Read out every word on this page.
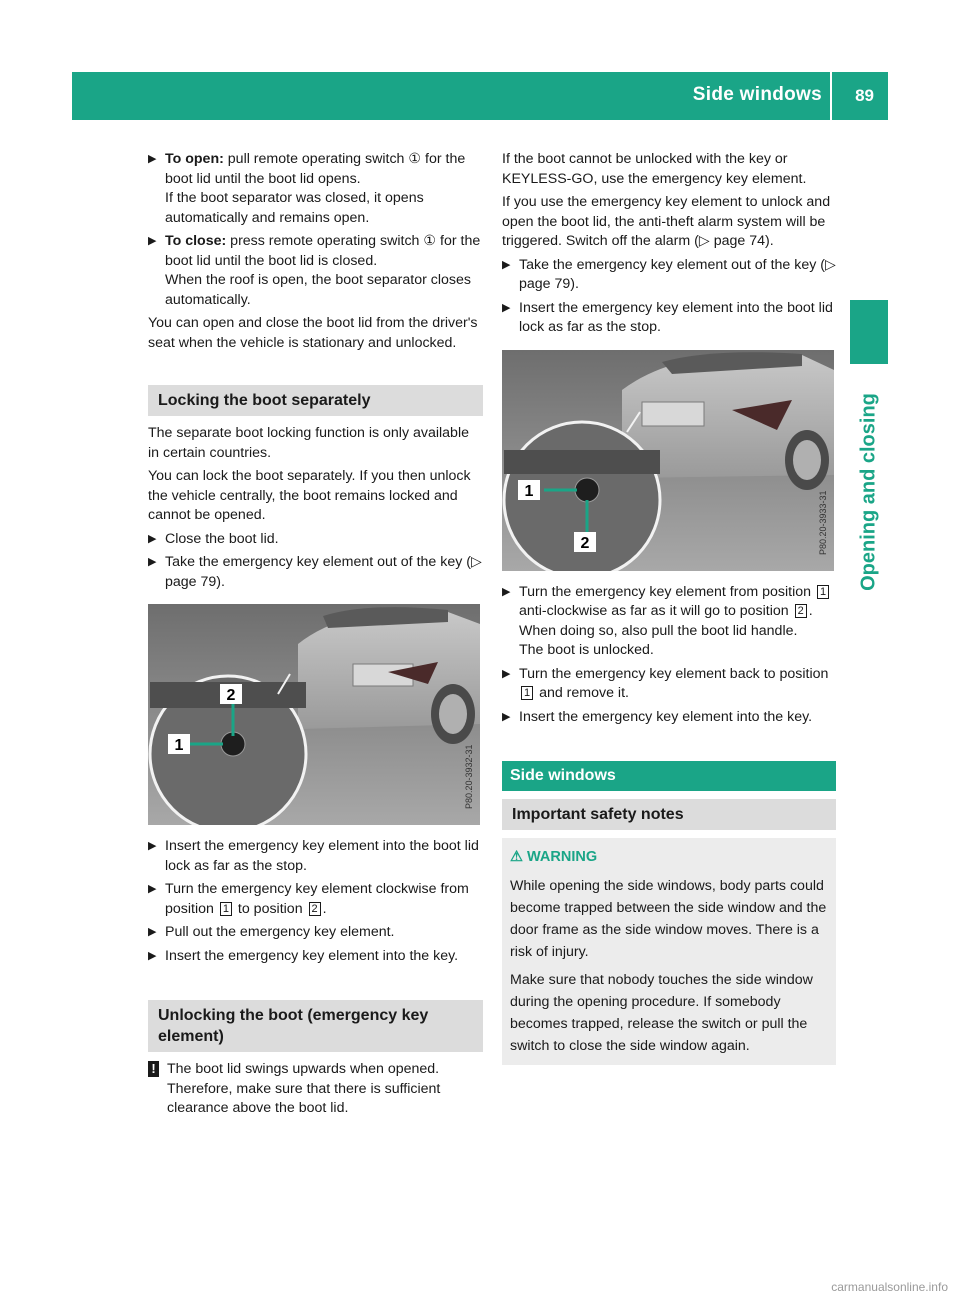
Side windows 89
Opening and closing
▶ To open: pull remote operating switch ① for the boot lid until the boot lid opens.

If the boot separator was closed, it opens automatically and remains open.

▶ To close: press remote operating switch ① for the boot lid until the boot lid is closed.

When the roof is open, the boot separator closes automatically.

You can open and close the boot lid from the driver's seat when the vehicle is stationary and unlocked.

Locking the boot separately

The separate boot locking function is only available in certain countries.

You can lock the boot separately. If you then unlock the vehicle centrally, the boot remains locked and cannot be opened.

▶ Close the boot lid.
▶ Take the emergency key element out of the key (▷ page 79).
2
1	P80.20-3932-31
▶ Insert the emergency key element into the boot lid lock as far as the stop.
▶ Turn the emergency key element clockwise from position 1 to position 2 .
▶ Pull out the emergency key element.
▶ Insert the emergency key element into the key.
Unlocking the boot (emergency key element)
! The boot lid swings upwards when opened. Therefore, make sure that there is sufficient clearance above the boot lid.

If the boot cannot be unlocked with the key or KEYLESS-GO, use the emergency key element.

If you use the emergency key element to unlock and open the boot lid, the anti-theft alarm system will be triggered. Switch off the alarm (▷ page 74).

▶ Take the emergency key element out of the key (▷ page 79).
▶ Insert the emergency key element into the boot lid lock as far as the stop.
1
2	P80.20-3933-31
▶ Turn the emergency key element from position 1 anti-clockwise as far as it will go to position 2 . When doing so, also pull the boot lid handle.

The boot is unlocked.

▶ Turn the emergency key element back to position 1 and remove it.
▶ Insert the emergency key element into the key.
Side windows
Important safety notes
⚠ WARNING

While opening the side windows, body parts could become trapped between the side window and the door frame as the side window moves. There is a risk of injury.

Make sure that nobody touches the side window during the opening procedure. If somebody becomes trapped, release the switch or pull the switch to close the side window again.

carmanualsonline.info
